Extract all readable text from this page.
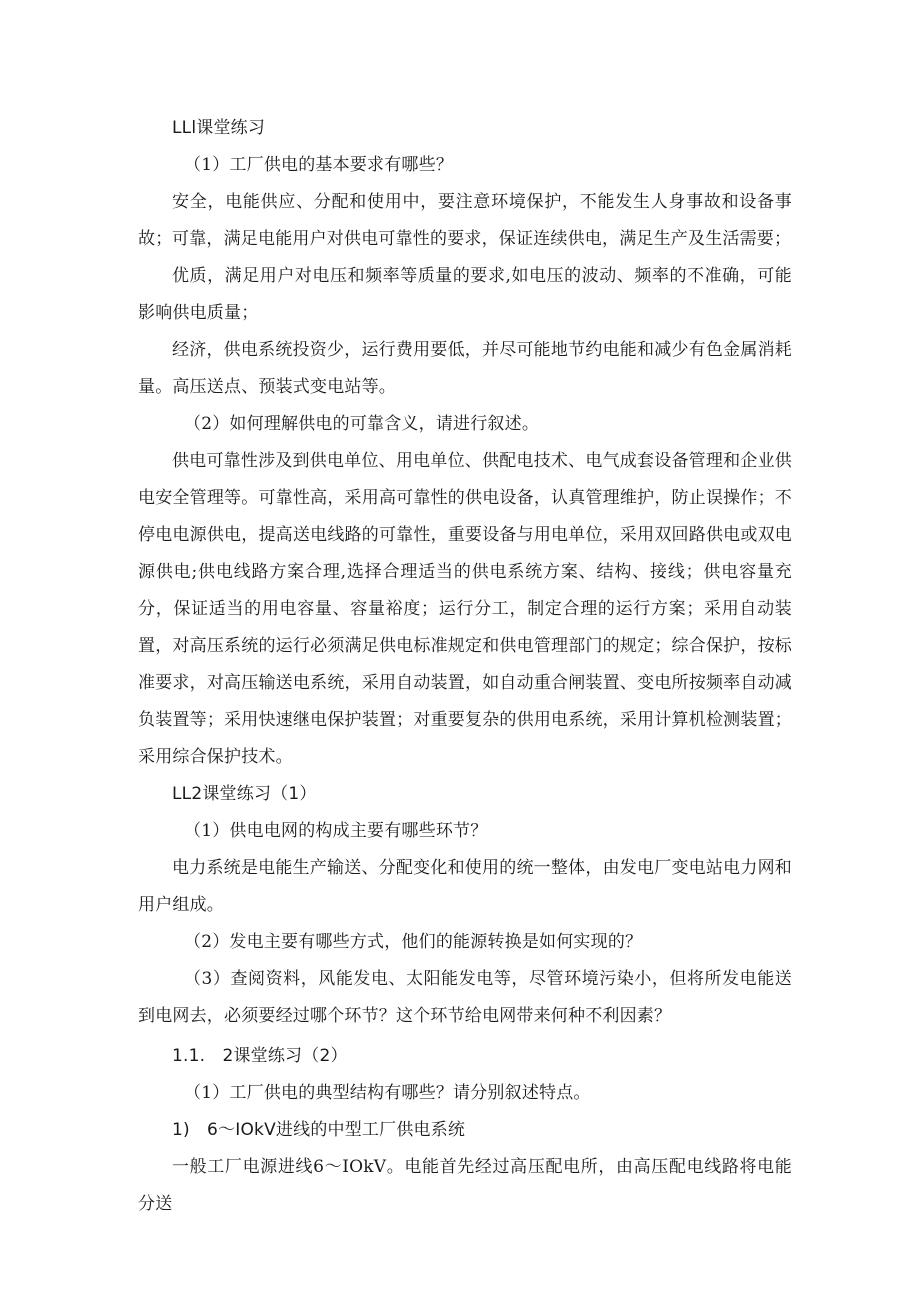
LLl课堂练习

（1）工厂供电的基本要求有哪些？

安全，电能供应、分配和使用中，要注意环境保护，不能发生人身事故和设备事故； 可靠，满足电能用户对供电可靠性的要求，保证连续供电，满足生产及生活需要；

优质，满足用户对电压和频率等质量的要求,如电压的波动、频率的不准确，可能影响供电质量；

经济，供电系统投资少，运行费用要低，并尽可能地节约电能和减少有色金属消耗量。高压送点、预装式变电站等。

（2）如何理解供电的可靠含义，请进行叙述。

供电可靠性涉及到供电单位、用电单位、供配电技术、电气成套设备管理和企业供电安全管理等。可靠性高，采用高可靠性的供电设备，认真管理维护，防止误操作；不停电电源供电，提高送电线路的可靠性，重要设备与用电单位，采用双回路供电或双电源供电;供电线路方案合理,选择合理适当的供电系统方案、结构、接线；供电容量充分，保证适当的用电容量、容量裕度；运行分工，制定合理的运行方案；采用自动装置，对高压系统的运行必须满足供电标准规定和供电管理部门的规定；综合保护，按标准要求，对高压输送电系统，采用自动装置，如自动重合闸装置、变电所按频率自动减负装置等；采用快速继电保护装置；对重要复杂的供用电系统，采用计算机检测装置；采用综合保护技术。

LL2课堂练习（1）

（1）供电电网的构成主要有哪些环节？

电力系统是电能生产输送、分配变化和使用的统一整体，由发电厂变电站电力网和用户组成。

（2）发电主要有哪些方式，他们的能源转换是如何实现的？

（3）查阅资料，风能发电、太阳能发电等，尽管环境污染小，但将所发电能送到电网去，必须要经过哪个环节？这个环节给电网带来何种不利因素？

1.1.　2课堂练习（2）

（1）工厂供电的典型结构有哪些？请分别叙述特点。

1)　6〜IOkV进线的中型工厂供电系统

一般工厂电源进线6〜IOkV。电能首先经过高压配电所，由高压配电线路将电能分送
